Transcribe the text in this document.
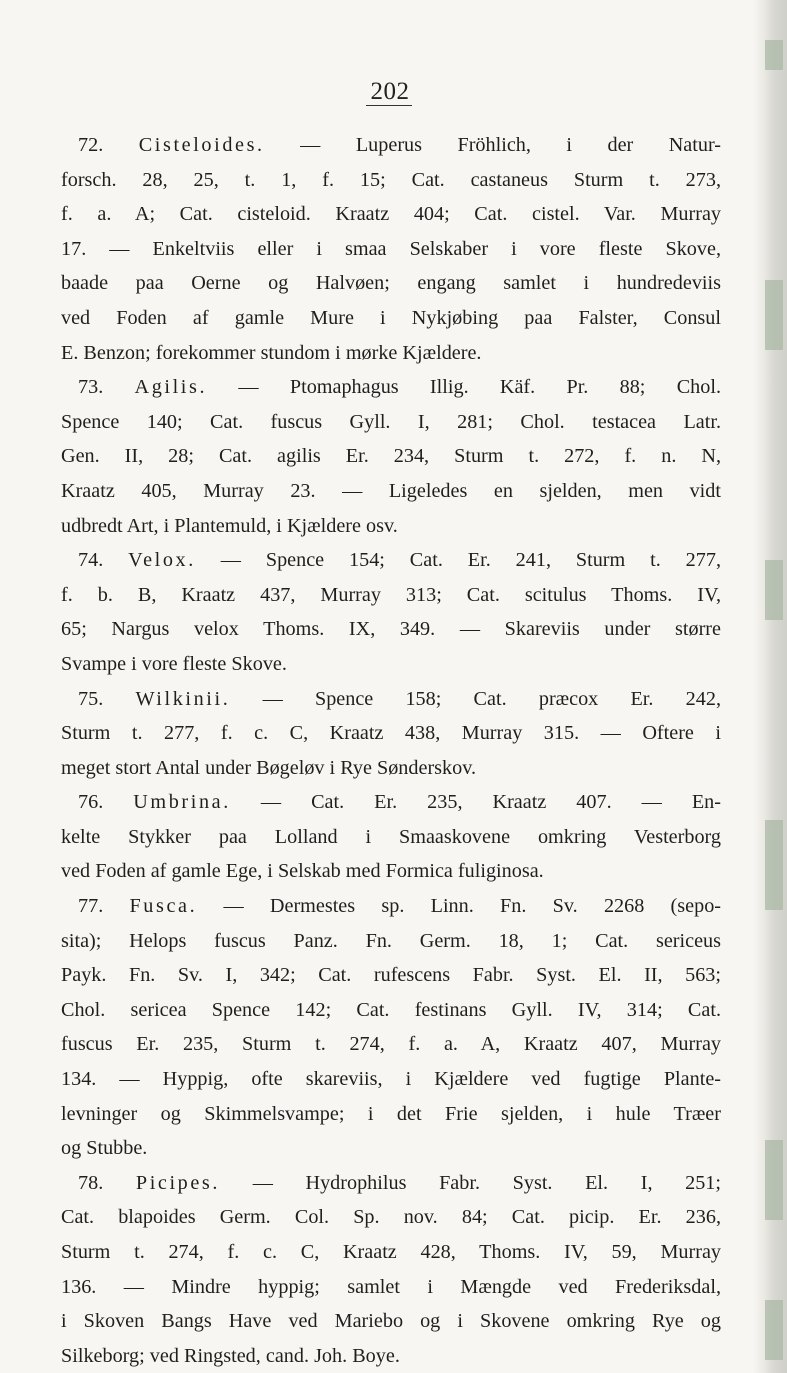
202
72. Cisteloides. — Luperus Fröhlich, i der Natur-
forsch. 28, 25, t. 1, f. 15; Cat. castaneus Sturm t. 273,
f. a. A; Cat. cisteloid. Kraatz 404; Cat. cistel. Var. Murray
17. — Enkeltviis eller i smaa Selskaber i vore fleste Skove,
baade paa Oerne og Halvøen; engang samlet i hundredeviis
ved Foden af gamle Mure i Nykjøbing paa Falster, Consul
E. Benzon; forekommer stundom i mørke Kjældere.
73. Agilis. — Ptomaphagus Illig. Käf. Pr. 88; Chol.
Spence 140; Cat. fuscus Gyll. I, 281; Chol. testacea Latr.
Gen. II, 28; Cat. agilis Er. 234, Sturm t. 272, f. n. N,
Kraatz 405, Murray 23. — Ligeledes en sjelden, men vidt
udbredt Art, i Plantemuld, i Kjældere osv.
74. Velox. — Spence 154; Cat. Er. 241, Sturm t. 277,
f. b. B, Kraatz 437, Murray 313; Cat. scitulus Thoms. IV,
65; Nargus velox Thoms. IX, 349. — Skareviis under større
Svampe i vore fleste Skove.
75. Wilkinii. — Spence 158; Cat. præcox Er. 242,
Sturm t. 277, f. c. C, Kraatz 438, Murray 315. — Oftere i
meget stort Antal under Bøgeløv i Rye Sønderskov.
76. Umbrina. — Cat. Er. 235, Kraatz 407. — En-
kelte Stykker paa Lolland i Smaaskovene omkring Vesterborg
ved Foden af gamle Ege, i Selskab med Formica fuliginosa.
77. Fusca. — Dermestes sp. Linn. Fn. Sv. 2268 (sepo-
sita); Helops fuscus Panz. Fn. Germ. 18, 1; Cat. sericeus
Payk. Fn. Sv. I, 342; Cat. rufescens Fabr. Syst. El. II, 563;
Chol. sericea Spence 142; Cat. festinans Gyll. IV, 314; Cat.
fuscus Er. 235, Sturm t. 274, f. a. A, Kraatz 407, Murray
134. — Hyppig, ofte skareviis, i Kjældere ved fugtige Plante-
levninger og Skimmelsvampe; i det Frie sjelden, i hule Træer
og Stubbe.
78. Picipes. — Hydrophilus Fabr. Syst. El. I, 251;
Cat. blapoides Germ. Col. Sp. nov. 84; Cat. picip. Er. 236,
Sturm t. 274, f. c. C, Kraatz 428, Thoms. IV, 59, Murray
136. — Mindre hyppig; samlet i Mængde ved Frederiksdal,
i Skoven Bangs Have ved Mariebo og i Skovene omkring Rye og
Silkeborg; ved Ringsted, cand. Joh. Boye.
